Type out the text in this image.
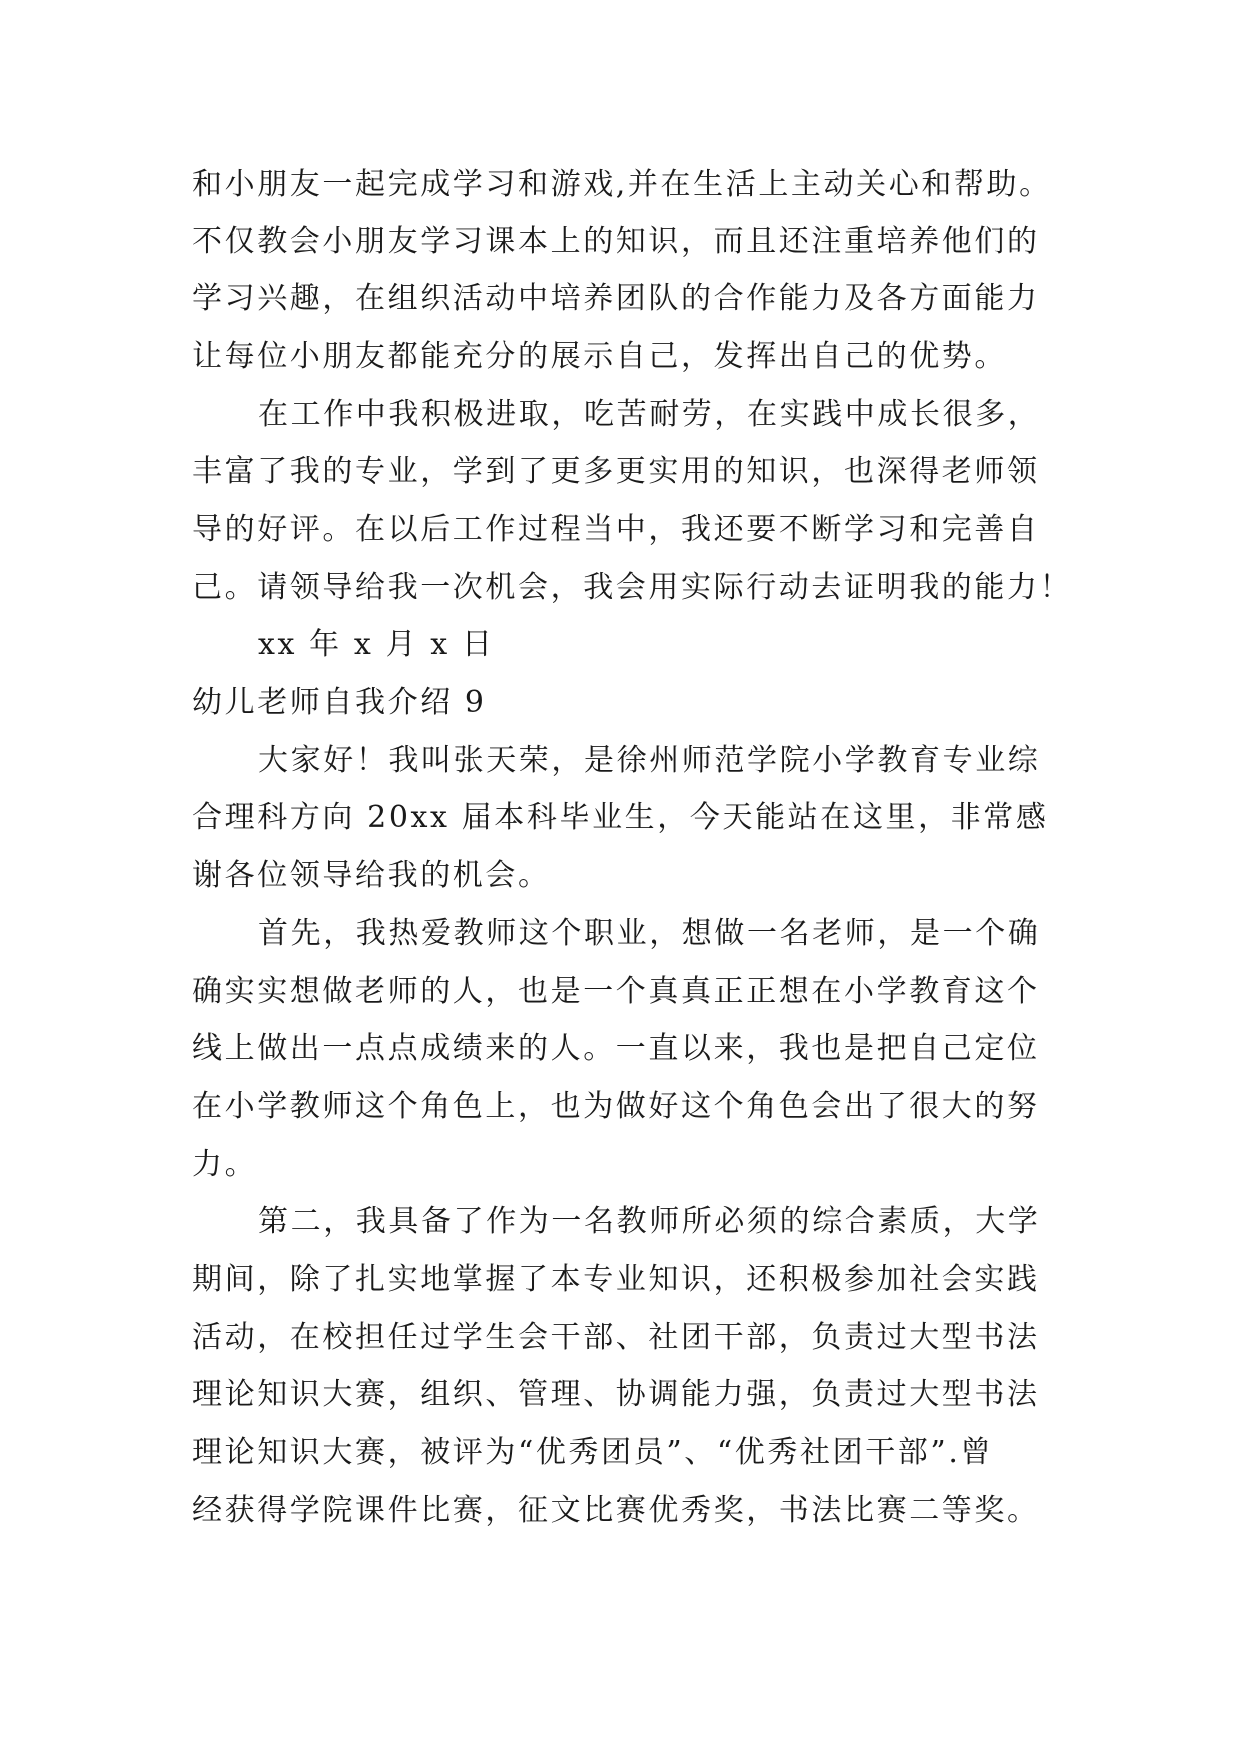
和小朋友一起完成学习和游戏,并在生活上主动关心和帮助。
不仅教会小朋友学习课本上的知识，而且还注重培养他们的
学习兴趣，在组织活动中培养团队的合作能力及各方面能力
让每位小朋友都能充分的展示自己，发挥出自己的优势。
在工作中我积极进取，吃苦耐劳，在实践中成长很多，
丰富了我的专业，学到了更多更实用的知识，也深得老师领
导的好评。在以后工作过程当中，我还要不断学习和完善自
己。请领导给我一次机会，我会用实际行动去证明我的能力！
xx 年 x 月 x 日
幼儿老师自我介绍 9
大家好！我叫张天荣，是徐州师范学院小学教育专业综
合理科方向 20xx 届本科毕业生，今天能站在这里，非常感
谢各位领导给我的机会。
首先，我热爱教师这个职业，想做一名老师，是一个确
确实实想做老师的人，也是一个真真正正想在小学教育这个
线上做出一点点成绩来的人。一直以来，我也是把自己定位
在小学教师这个角色上，也为做好这个角色会出了很大的努
力。
第二，我具备了作为一名教师所必须的综合素质，大学
期间，除了扎实地掌握了本专业知识，还积极参加社会实践
活动，在校担任过学生会干部、社团干部，负责过大型书法
理论知识大赛，组织、管理、协调能力强，负责过大型书法
理论知识大赛，被评为“优秀团员”、“优秀社团干部”.曾
经获得学院课件比赛，征文比赛优秀奖，书法比赛二等奖。
